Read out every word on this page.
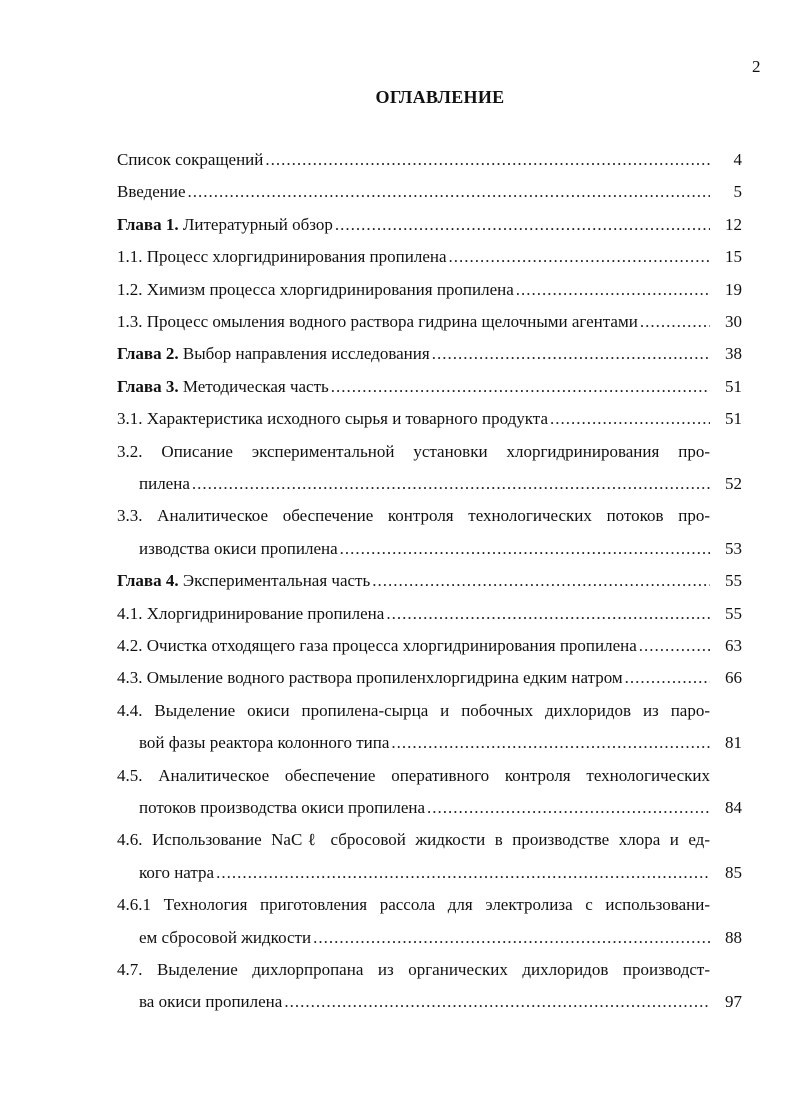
2
ОГЛАВЛЕНИЕ
Список сокращений .....	4
Введение .....	5
Глава 1. Литературный обзор .....	12
1.1. Процесс хлоргидринирования пропилена .....	15
1.2. Химизм процесса хлоргидринирования пропилена .....	19
1.3. Процесс омыления водного раствора гидрина щелочными агентами .....	30
Глава 2. Выбор направления исследования .....	38
Глава 3. Методическая часть .....	51
3.1. Характеристика исходного сырья и товарного продукта .....	51
3.2. Описание экспериментальной установки хлоргидринирования про-
пилена .....	52
3.3. Аналитическое обеспечение контроля технологических потоков про-
изводства окиси пропилена .....	53
Глава 4. Экспериментальная часть .....	55
4.1. Хлоргидринирование пропилена .....	55
4.2. Очистка отходящего газа процесса хлоргидринирования пропилена .....	63
4.3. Омыление водного раствора пропиленхлоргидрина едким натром .....	66
4.4. Выделение окиси пропилена-сырца и побочных дихлоридов из паро-
вой фазы реактора колонного типа .....	81
4.5. Аналитическое обеспечение оперативного контроля технологических
потоков производства окиси пропилена .....	84
4.6. Использование NaCℓ сбросовой жидкости в производстве хлора и ед-
кого натра .....	85
4.6.1 Технология приготовления рассола для электролиза с использовани-
ем сбросовой жидкости .....	88
4.7. Выделение дихлорпропана из органических дихлоридов производст-
ва окиси пропилена .....	97
